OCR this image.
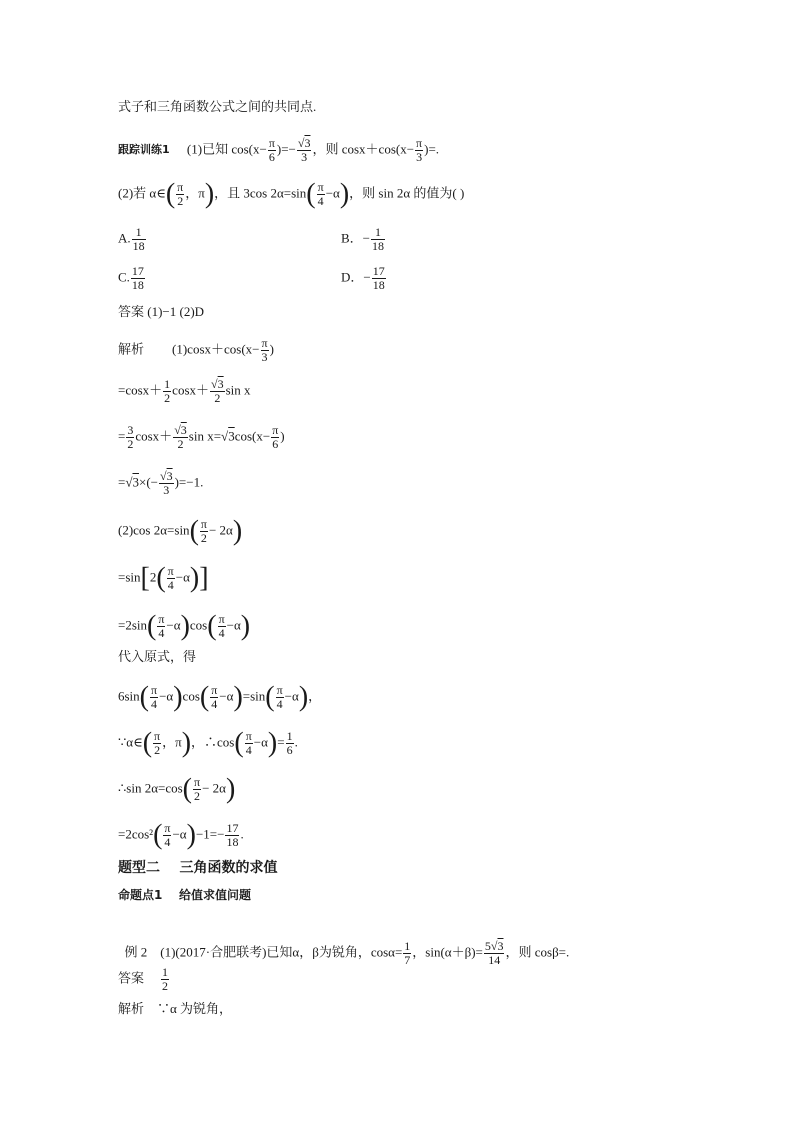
式子和三角函数公式之间的共同点.
跟踪训练1 (1)已知 $\cos(x- \frac{\pi}{6}$ )=− $\frac{√3}{3}$ ，则 $\cos x+\cos(x- \frac{\pi}{3}$ )=.
(2)若 α∈( $\frac{\pi}{2}$ ，π)，且 3cos $2\alpha=\sin( \frac{\pi}{4} -\alpha)$，则 sin 2α 的值为( )
A. $\frac{1}{18}$	B．− $\frac{1}{18}$
C. $\frac{17}{18}$	D．− $\frac{17}{18}$
答案 (1)−1 (2)D
解析 $(1)\cos x+\cos(x- \frac{\pi}{3}$ )
$=\cos x+ \frac{1}{2} \cos x+ \frac{√3}{2}$ sin x
= $\frac{3}{2} \cos x+ \frac{√3}{2}$ $\sin x=√3\cos(x- \frac{\pi}{6}$ )
$=√3\times(- \frac{√3}{3} )=-1$.
(2)cos $2\alpha=\sin( \frac{\pi}{2} - 2\alpha)$
$=\sin[2( \frac{\pi}{4} -\alpha)]$
$=2\sin( \frac{\pi}{4} -\alpha)\cos( \frac{\pi}{4} -\alpha)$
代入原式，得
$6\sin( \frac{\pi}{4} -\alpha)\cos( \frac{\pi}{4} -\alpha)=\sin( \frac{\pi}{4} -\alpha)$，
∵α∈( $\frac{\pi}{2}$ ，π)，∴cos( $\frac{\pi}{4} -\alpha)= \frac{1}{6}$ .
∴sin $2\alpha=\cos( \frac{\pi}{2} - 2\alpha)$
$=2\cos^2( \frac{\pi}{4} -\alpha)-1=- \frac{17}{18}$ .
题型二    三角函数的求值
命题点1    给值求值问题

例 2    (1)(2017·合肥联考)已知α，β为锐角，$\cos\alpha= \frac{1}{7}$ ，$\sin(\alpha+\beta)= \frac{5√3}{14}$ ，则 cosβ=.

答案 $\frac{1}{2}$
解析    ∵α 为锐角，
